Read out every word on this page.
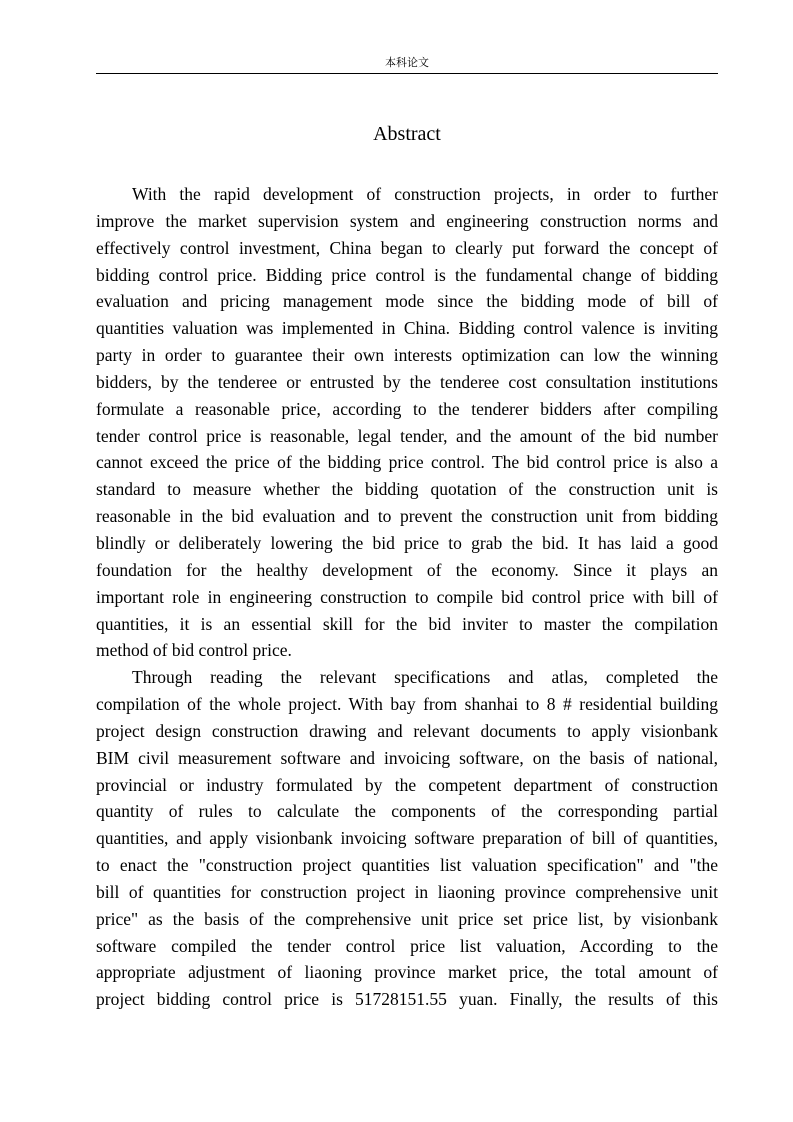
本科论文
Abstract

With the rapid development of construction projects, in order to further
improve the market supervision system and engineering construction norms and
effectively control investment, China began to clearly put forward the concept of
bidding control price. Bidding price control is the fundamental change of bidding
evaluation and pricing management mode since the bidding mode of bill of
quantities valuation was implemented in China. Bidding control valence is inviting
party in order to guarantee their own interests optimization can low the winning
bidders, by the tenderee or entrusted by the tenderee cost consultation institutions
formulate a reasonable price, according to the tenderer bidders after compiling
tender control price is reasonable, legal tender, and the amount of the bid number
cannot exceed the price of the bidding price control. The bid control price is also a
standard to measure whether the bidding quotation of the construction unit is
reasonable in the bid evaluation and to prevent the construction unit from bidding
blindly or deliberately lowering the bid price to grab the bid. It has laid a good
foundation for the healthy development of the economy. Since it plays an
important role in engineering construction to compile bid control price with bill of
quantities, it is an essential skill for the bid inviter to master the compilation
method of bid control price.

Through reading the relevant specifications and atlas, completed the
compilation of the whole project. With bay from shanhai to 8 # residential building
project design construction drawing and relevant documents to apply visionbank
BIM civil measurement software and invoicing software, on the basis of national,
provincial or industry formulated by the competent department of construction
quantity of rules to calculate the components of the corresponding partial
quantities, and apply visionbank invoicing software preparation of bill of quantities,
to enact the "construction project quantities list valuation specification" and "the
bill of quantities for construction project in liaoning province comprehensive unit
price" as the basis of the comprehensive unit price set price list, by visionbank
software compiled the tender control price list valuation, According to the
appropriate adjustment of liaoning province market price, the total amount of
project bidding control price is 51728151.55 yuan. Finally, the results of this
